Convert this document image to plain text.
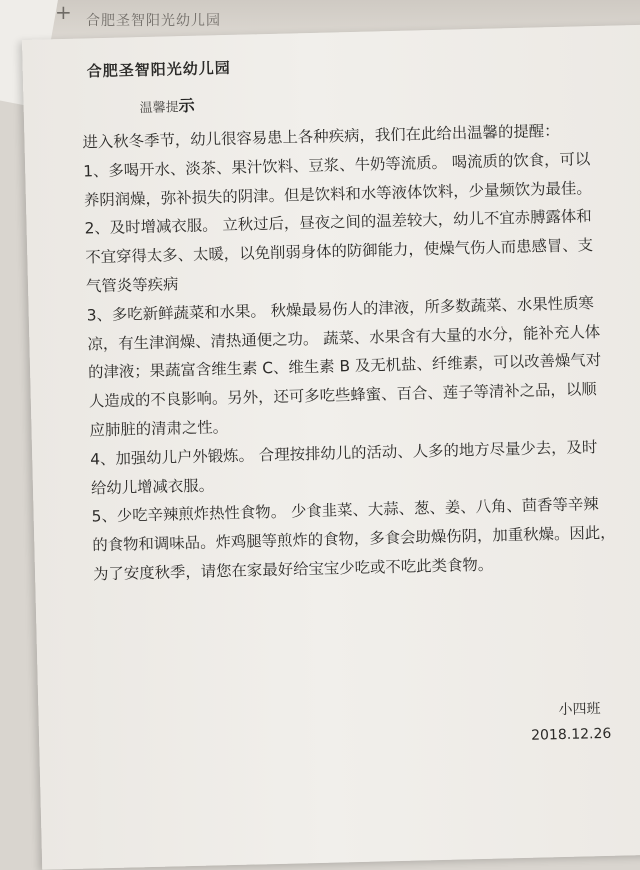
合肥圣智阳光幼儿园
+
合肥圣智阳光幼儿园
温馨提示

进入秋冬季节，幼儿很容易患上各种疾病，我们在此给出温馨的提醒：

1、多喝开水、淡茶、果汁饮料、豆浆、牛奶等流质。 喝流质的饮食，可以
养阴润燥，弥补损失的阴津。但是饮料和水等液体饮料，少量频饮为最佳。

2、及时增减衣服。 立秋过后，昼夜之间的温差较大，幼儿不宜赤膊露体和
不宜穿得太多、太暖，以免削弱身体的防御能力，使燥气伤人而患感冒、支
气管炎等疾病

3、多吃新鲜蔬菜和水果。 秋燥最易伤人的津液，所多数蔬菜、水果性质寒
凉，有生津润燥、清热通便之功。 蔬菜、水果含有大量的水分，能补充人体
的津液；果蔬富含维生素 C、维生素 B 及无机盐、纤维素，可以改善燥气对
人造成的不良影响。另外，还可多吃些蜂蜜、百合、莲子等清补之品，以顺
应肺脏的清肃之性。

4、加强幼儿户外锻炼。 合理按排幼儿的活动、人多的地方尽量少去，及时
给幼儿增减衣服。

5、少吃辛辣煎炸热性食物。 少食韭菜、大蒜、葱、姜、八角、茴香等辛辣
的食物和调味品。炸鸡腿等煎炸的食物，多食会助燥伤阴，加重秋燥。因此，
为了安度秋季，请您在家最好给宝宝少吃或不吃此类食物。

小四班
2018.12.26
